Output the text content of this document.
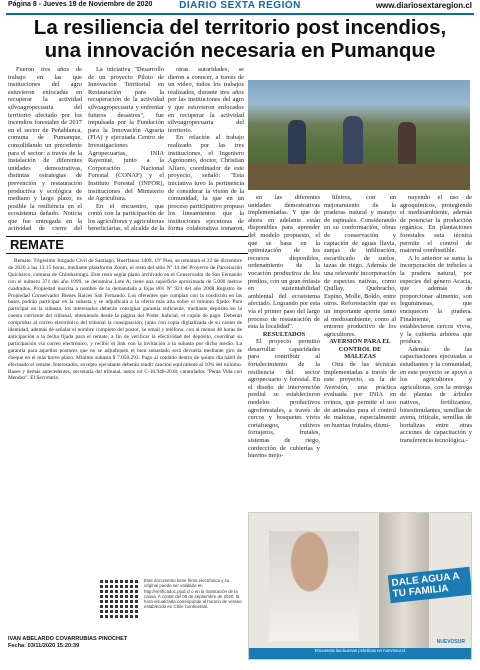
Página 8 - Jueves 19 de Noviembre de 2020	DIARIO SEXTA REGIÓN	www.diariosextaregion.cl
La resiliencia del territorio post incendios,
una innovación necesaria en Pumanque

Fueron tres años de trabajo en las que instituciones del agro estuvieron enfocadas en recuperar la actividad silvoagropecuaria del territorio afectado por los incendios forestales de 2017 en el sector de Peñablanca, comuna de Pumanque, consolidando un precedente para el sector: a través de la instalación de diferentes unidades demostrativas, distintas estrategias de prevención y restauración productiva y ecológica de mediano y largo plazo, es posible la resiliencia en el ecosistema dañado. Noticia que fue entregada en la actividad de cierre del

La iniciativa "Desarrollo de un proyecto Piloto de Innovación Territorial en Restauración para la recuperación de la actividad silvoagropecuaria y enfrentar futuros desastres", fue impulsada por la Fundación para la Innovación Agraria (FIA) y ejecutada Centro de Investigaciones Agropecuarias, INIA Rayentué, junto a la Corporación Nacional Forestal (CONAF) y el Instituto Forestal (INFOR), instituciones del Ministerio de Agricultura.

En el encuentro, que contó con la participación de los agricultores y agricultoras beneficiarias, el alcalde de la

otras autoridades, se dieron a conocer, a través de un video, todos los trabajos realizados, durante tres años por las instituciones del agro y que estuvieron enfocados en recuperar la actividad silvoagropecuaria del territorio.

En relación al trabajo realizado por las tres instituciones, el Ingeniero Agrónomo, doctor, Christian Alfaro, coordinador de este proyecto, señaló: "Esta iniciativa tuvo la pertinencia de considerar la visión de la comunidad, la que en un proceso participativo propuso los lineamientos que la instituciones ejecutoras de forma colaborativa tomaron,

en las diferentes unidades demostrativas implementadas. Y que de ahora en adelante están disponibles para aprender del modelo propuesto, el que se basa en la optimización de los recursos disponibles, ordenamiento de la vocación productiva de los predios, con un gran énfasis en sustentabilidad ambiental del ecosistema afectado. Logrando por esta vía el primer paso del largo proceso de restauración de esta la localidad".

RESULTADOS

El proyecto permitió desarrollar capacidades para contribuir al fortalecimiento de la resiliencia del sector agropecuario y forestal. En el diseño de intervención predial se establecieron modelos productivos agroforestales, a través de cercos y bosquetes vivos cortafuegos, cultivos forrajeros, frutales, sistemas de riego, confección de cubiertas y huertos mejo-

lifeiros, con un mejoramiento de la praderas natural y manejo de espinales. Considerando en su conformación, obras de conservación y captación de aguas lluvia, zanjas de infiltración, escarificado de suelos, tazas de riego. Además de una relevante incorporación de especies nativas, como Quillay, Quebracho, Espino, Molle, Boldo, entre otros. Reforestación que es un importante aporte tanto al medioambiente, como al entorno productivo de los agricultores.

AVERSIÓN PARA EL CONTROL DE MALEZAS

Otra de las técnicas implementadas a través de este proyecto, es la de Aversión, una práctica evaluada por INIA en ovinos, que permite el uso de animales para el control de malezas, especialmente en huertas frutales, dismi-

nuyendo el uso de agroquímicos, protegiendo el medioambiente, además de potenciar la producción orgánica. En plantaciones forestales esta técnica permite el control de matorral combustible.

A lo anterior se suma la incorporación de tréboles a la pradera natural, por especies del género Acacia, que además de proporcionar alimento, son leguminosas, que enriquecen la pradera. Finalmente, se establecieron cercos vivos, y la cubierta arbórea que produce.

Además de las capacitaciones ejecutadas a estudiantes y la comunidad, en este proyecto se apoyó a los agricultores y agricultoras, con la entrega de plantas de árboles nativos, fertilizantes, bioestimulantes, semillas de avena, triticale, semillas de hortalizas entre otras acciones de capacitación y transferencia tecnológica.-

REMATE

Remate: Trigésimo Juzgado Civil de Santiago, Huérfanos 1409, 19º Piso, se rematará el 22 de diciembre de 2020 a las 13:15 horas, mediante plataforma Zoom, el resto del sitio Nº 14 del Proyecto de Parcelación Quicharco, comuna de Chimbarongo. Este resto según plano archivado en el Conservador de San Fernando con el número 371 del año 1999, se denomina Lote A; tiene una superficie aproximada de 5.000 metros cuadrados. Propiedad inscrita a nombre de la demandada a fojas 801 Nº 921 del año 2008 Registro de Propiedad Conservador Bienes Raíces San Fernando. Los oferentes que cumplan con la condición en las bases podrán participar en la subasta y se adjudicará a la oferta más alta sobre el mínimo fijado. Para participar en la subasta, los interesados deberán consignar garantía suficiente, mediante depósito en la cuenta corriente del tribunal, obteniendo desde la página del Poder Judicial, el cupón de pago. Deberán comprobar al correo electrónico del tribunal la consignación, junto con copia digitalizada de su carnet de identidad, además de señalar el nombre completo del postor, su email y teléfono, con al menos 48 horas de anticipación a la fecha fijada para el remate, a fin de verificar la efectividad del depósito, coordinar su participación vía correo electrónico, y recibir el link con la invitación a la subasta por dicho medio. La garantía para aquellos postores que no se adjudiquen el bien subastado será devuelta mediante giro de cheque en el más breve plazo. Mínimo subasta $ 7.050.293. Pago al contado dentro de quinto día hábil de efectuado el remate. Interesados, excepto ejecutante deberán rendir caución equivalente al 10% del mínimo. Bases y demás antecedentes, secretaría del tribunal, autos rol C-16.948-2018, caratulados "Penta Vida con Mendez". El Secretario.

Este documento tiene firma electrónica y su original puede ser validado en http://verificadoc.pjud.cl o en la tramitación de la causa. A contar del 09 de septiembre de 2020, la hora visualizada corresponde al horario de verano establecido en Chile Continental.
IVAN ABELARDO COVARRUBIAS PINOCHET
Fecha: 03/11/2020 15:20:39
DALE AGUA A TU FAMILIA
NUEVOSUR
Encuentra las buenas prácticas en nuevosur.cl
